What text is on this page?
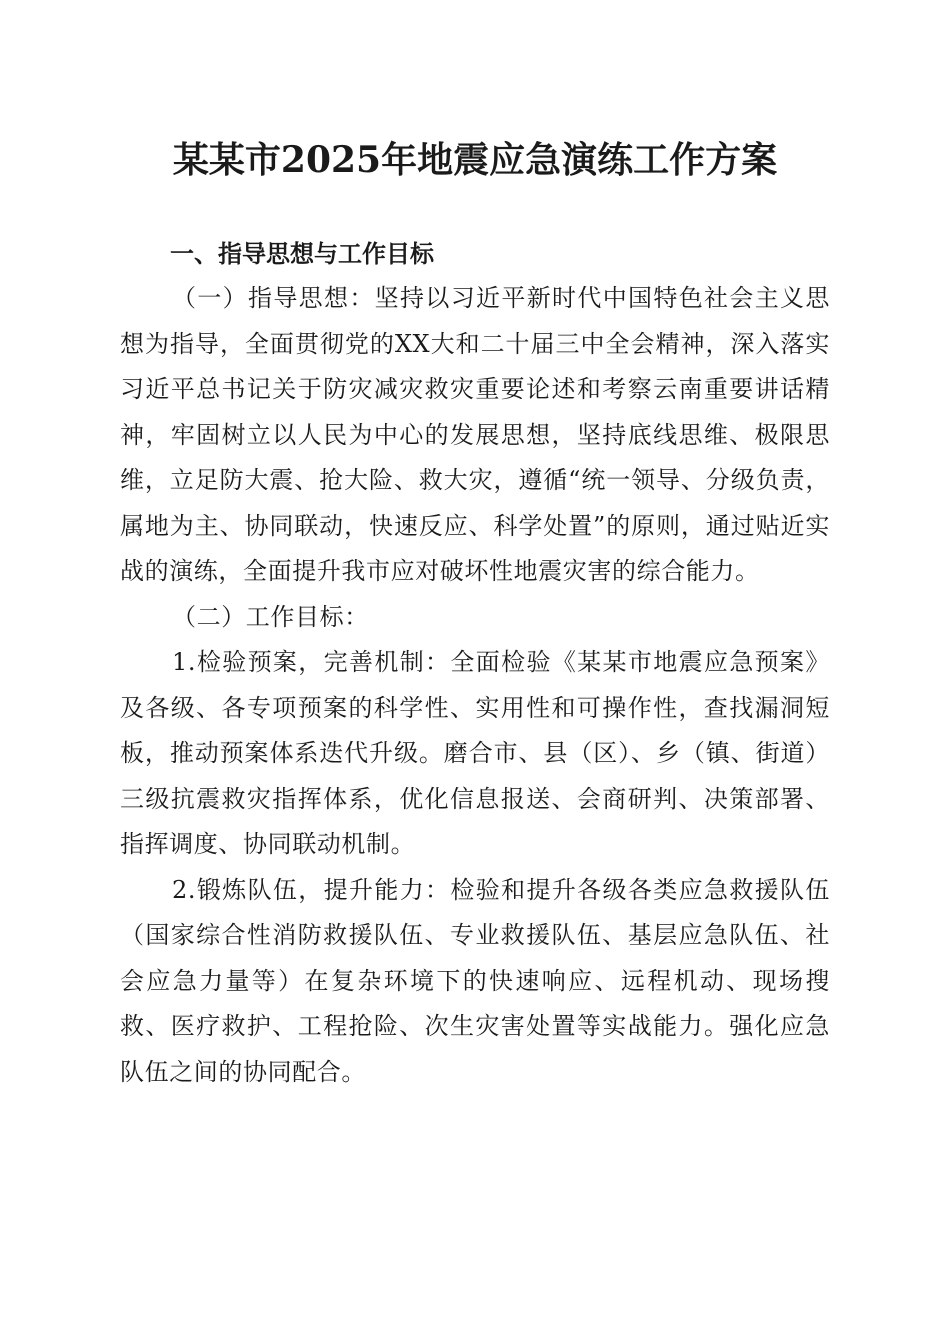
某某市2025年地震应急演练工作方案

一、指导思想与工作目标

（一）指导思想：坚持以习近平新时代中国特色社会主义思想为指导，全面贯彻党的XX大和二十届三中全会精神，深入落实习近平总书记关于防灾减灾救灾重要论述和考察云南重要讲话精神，牢固树立以人民为中心的发展思想，坚持底线思维、极限思维，立足防大震、抢大险、救大灾，遵循“统一领导、分级负责，属地为主、协同联动，快速反应、科学处置”的原则，通过贴近实战的演练，全面提升我市应对破坏性地震灾害的综合能力。

（二）工作目标：

1.检验预案，完善机制：全面检验《某某市地震应急预案》及各级、各专项预案的科学性、实用性和可操作性，查找漏洞短板，推动预案体系迭代升级。磨合市、县（区）、乡（镇、街道）三级抗震救灾指挥体系，优化信息报送、会商研判、决策部署、指挥调度、协同联动机制。

2.锻炼队伍，提升能力：检验和提升各级各类应急救援队伍（国家综合性消防救援队伍、专业救援队伍、基层应急队伍、社会应急力量等）在复杂环境下的快速响应、远程机动、现场搜救、医疗救护、工程抢险、次生灾害处置等实战能力。强化应急队伍之间的协同配合。
